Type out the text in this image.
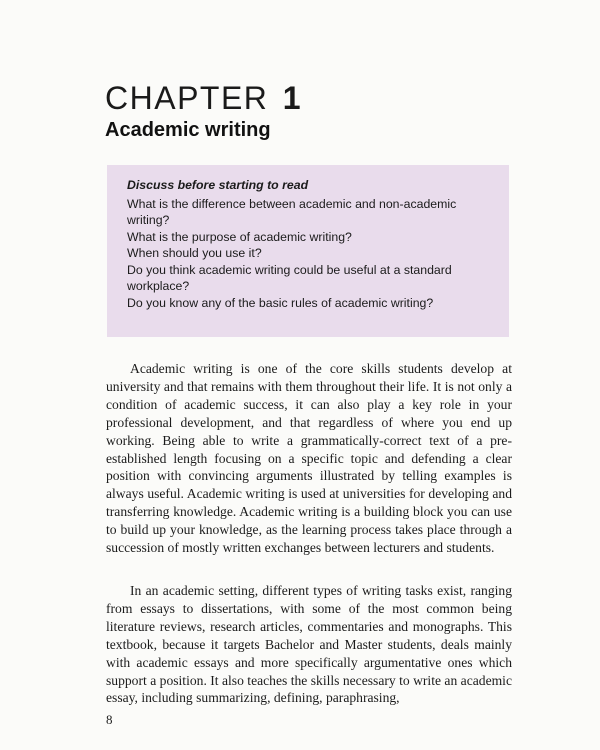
CHAPTER 1
Academic writing
Discuss before starting to read
What is the difference between academic and non-academic writing?
What is the purpose of academic writing?
When should you use it?
Do you think academic writing could be useful at a standard workplace?
Do you know any of the basic rules of academic writing?

Academic writing is one of the core skills students develop at university and that remains with them throughout their life. It is not only a condition of academic success, it can also play a key role in your professional development, and that regardless of where you end up working. Being able to write a grammatically-correct text of a pre-established length focusing on a specific topic and defending a clear position with convincing arguments illustrated by telling examples is always useful. Academic writing is used at universities for developing and transferring knowledge. Academic writing is a building block you can use to build up your knowledge, as the learning process takes place through a succession of mostly written exchanges between lecturers and students.

In an academic setting, different types of writing tasks exist, ranging from essays to dissertations, with some of the most common being literature reviews, research articles, commentaries and monographs. This textbook, because it targets Bachelor and Master students, deals mainly with academic essays and more specifically argumentative ones which support a position. It also teaches the skills necessary to write an academic essay, including summarizing, defining, paraphrasing,

8
